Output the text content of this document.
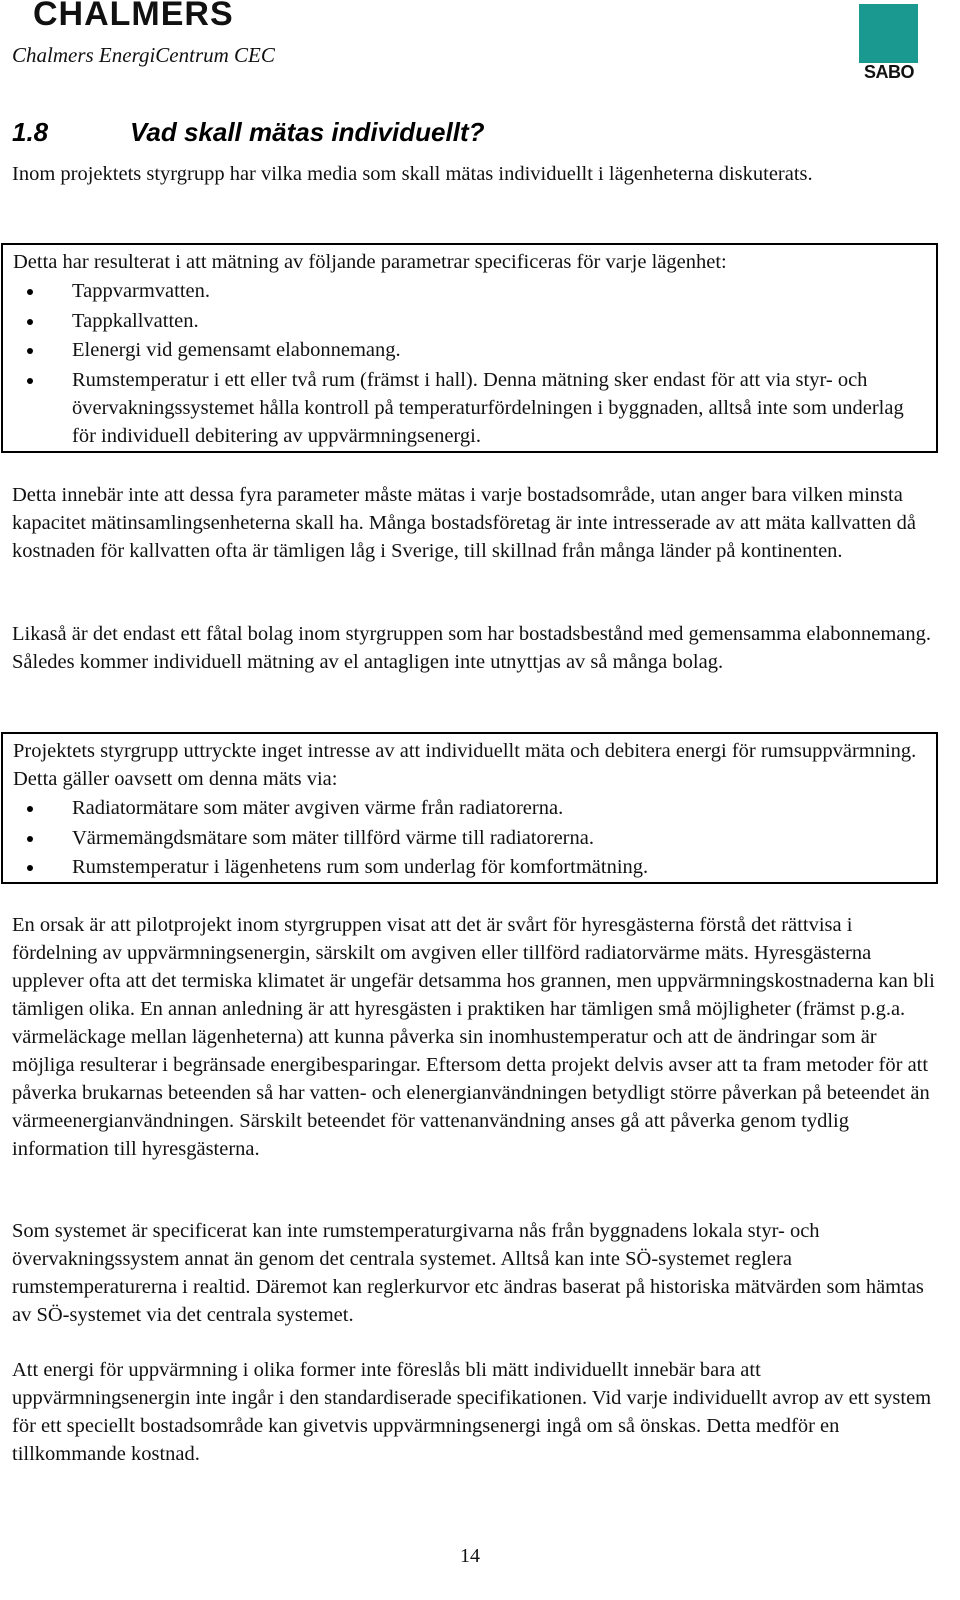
CHALMERS
Chalmers EnergiCentrum CEC
SABO
1.8	Vad skall mätas individuellt?

Inom projektets styrgrupp har vilka media som skall mätas individuellt i lägenheterna diskuterats.

Detta har resulterat i att mätning av följande parametrar specificeras för varje lägenhet:

Tappvarmvatten.
Tappkallvatten.
Elenergi vid gemensamt elabonnemang.
Rumstemperatur i ett eller två rum (främst i hall). Denna mätning sker endast för att via styr- och övervakningssystemet hålla kontroll på temperaturfördelningen i byggnaden, alltså inte som underlag för individuell debitering av uppvärmningsenergi.

Detta innebär inte att dessa fyra parameter måste mätas i varje bostadsområde, utan anger bara vilken minsta kapacitet mätinsamlingsenheterna skall ha. Många bostadsföretag är inte intresserade av att mäta kallvatten då kostnaden för kallvatten ofta är tämligen låg i Sverige, till skillnad från många länder på kontinenten.

Likaså är det endast ett fåtal bolag inom styrgruppen som har bostadsbestånd med gemensamma elabonnemang. Således kommer individuell mätning av el antagligen inte utnyttjas av så många bolag.

Projektets styrgrupp uttryckte inget intresse av att individuellt mäta och debitera energi för rumsuppvärmning. Detta gäller oavsett om denna mäts via:

Radiatormätare som mäter avgiven värme från radiatorerna.
Värmemängdsmätare som mäter tillförd värme till radiatorerna.
Rumstemperatur i lägenhetens rum som underlag för komfortmätning.

En orsak är att pilotprojekt inom styrgruppen visat att det är svårt för hyresgästerna förstå det rättvisa i fördelning av uppvärmningsenergin, särskilt om avgiven eller tillförd radiatorvärme mäts. Hyresgästerna upplever ofta att det termiska klimatet är ungefär detsamma hos grannen, men uppvärmningskostnaderna kan bli tämligen olika. En annan anledning är att hyresgästen i praktiken har tämligen små möjligheter (främst p.g.a. värmeläckage mellan lägenheterna) att kunna påverka sin inomhustemperatur och att de ändringar som är möjliga resulterar i begränsade energibesparingar. Eftersom detta projekt delvis avser att ta fram metoder för att påverka brukarnas beteenden så har vatten- och elenergianvändningen betydligt större påverkan på beteendet än värmeenergianvändningen. Särskilt beteendet för vattenanvändning anses gå att påverka genom tydlig information till hyresgästerna.

Som systemet är specificerat kan inte rumstemperaturgivarna nås från byggnadens lokala styr- och övervakningssystem annat än genom det centrala systemet. Alltså kan inte SÖ-systemet reglera rumstemperaturerna i realtid. Däremot kan reglerkurvor etc ändras baserat på historiska mätvärden som hämtas av SÖ-systemet via det centrala systemet.

Att energi för uppvärmning i olika former inte föreslås bli mätt individuellt innebär bara att uppvärmningsenergin inte ingår i den standardiserade specifikationen. Vid varje individuellt avrop av ett system för ett speciellt bostadsområde kan givetvis uppvärmningsenergi ingå om så önskas. Detta medför en tillkommande kostnad.

14
